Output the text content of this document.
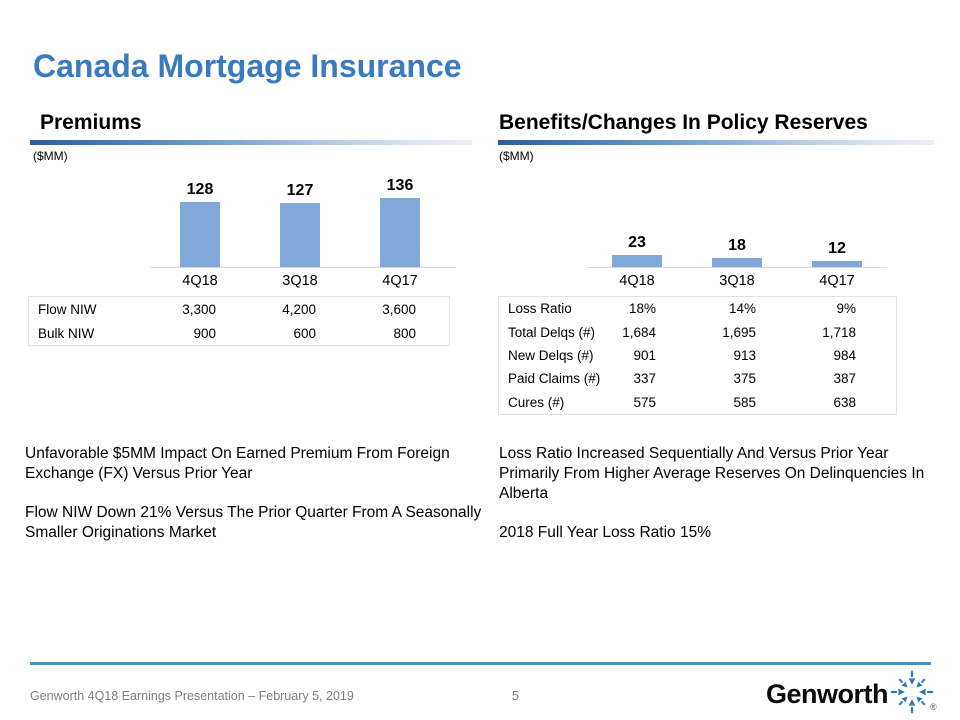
Canada Mortgage Insurance
Premiums
($MM)
128	127	136
4Q18	3Q18	4Q17
Flow NIW	3,300	4,200	3,600
Bulk NIW	900	600	800

Unfavorable $5MM Impact On Earned Premium From Foreign Exchange (FX) Versus Prior Year

Flow NIW Down 21% Versus The Prior Quarter From A Seasonally Smaller Originations Market

Benefits/Changes In Policy Reserves
($MM)
23	18	12
4Q18	3Q18	4Q17
Loss Ratio	18%	14%	9%
Total Delqs (#)	1,684	1,695	1,718
New Delqs (#)	901	913	984
Paid Claims (#)	337	375	387
Cures (#)	575	585	638

Loss Ratio Increased Sequentially And Versus Prior Year Primarily From Higher Average Reserves On Delinquencies In Alberta

2018 Full Year Loss Ratio 15%

Genworth 4Q18 Earnings Presentation – February 5, 2019	5	Genworth	®
